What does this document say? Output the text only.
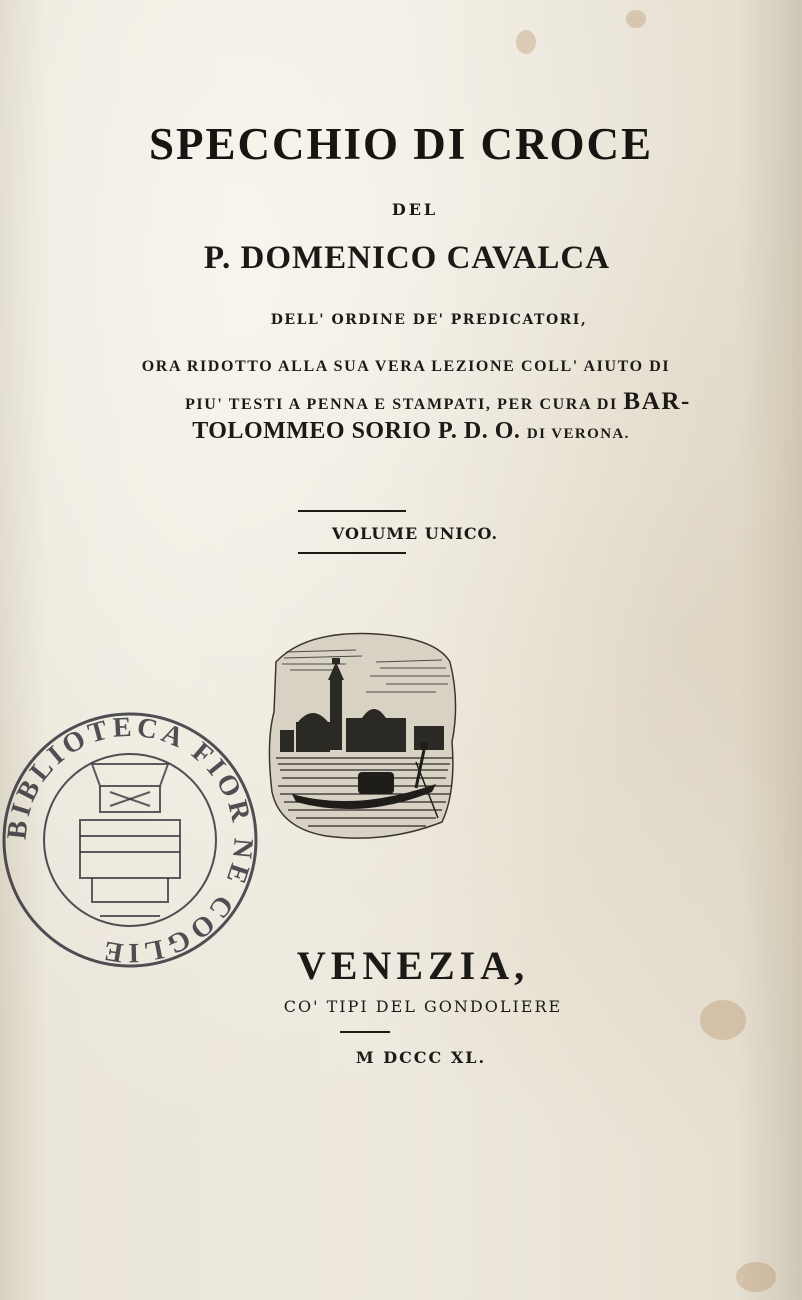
SPECCHIO DI CROCE
DEL
P. DOMENICO CAVALCA
DELL' ORDINE DE' PREDICATORI,
ORA RIDOTTO ALLA SUA VERA LEZIONE COLL' AIUTO DI
PIU' TESTI A PENNA E STAMPATI, PER CURA DI BAR-
TOLOMMEO SORIO P. D. O. DI VERONA.
VOLUME UNICO.
BIBLIOTECA FIOR NE COGLIE	VENEZIA,
CO' TIPI DEL GONDOLIERE
M DCCC XL.
